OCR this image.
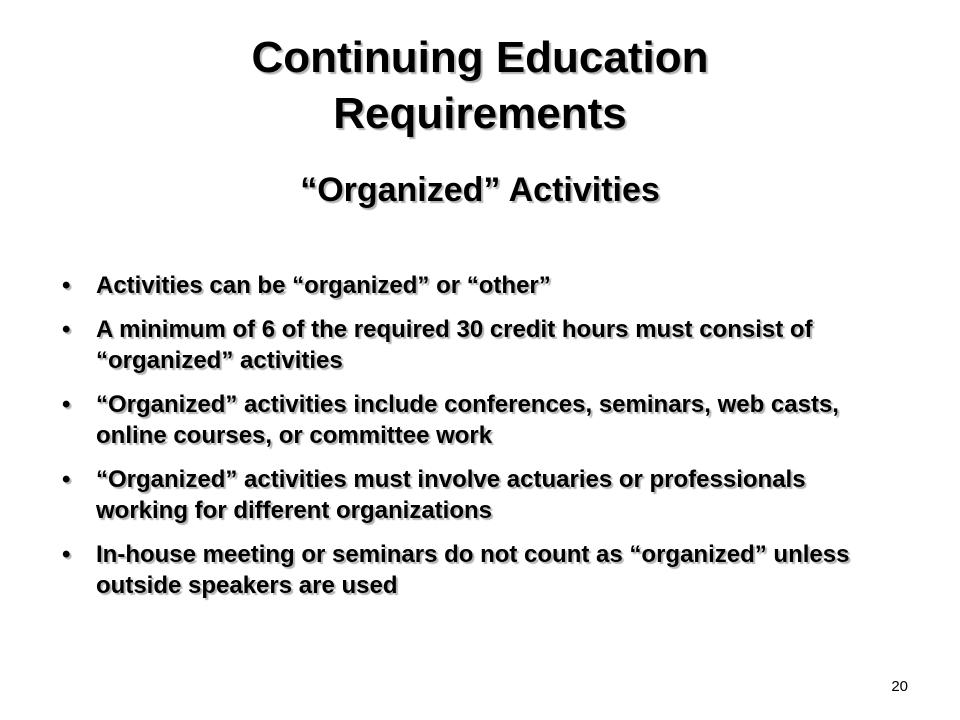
Continuing Education
Requirements
“Organized” Activities
• Activities can be “organized” or “other”
• A minimum of 6 of the required 30 credit hours must consist of “organized” activities
• “Organized” activities include conferences, seminars, web casts, online courses, or committee work
• “Organized” activities must involve actuaries or professionals working for different organizations
• In-house meeting or seminars do not count as “organized” unless outside speakers are used
20
